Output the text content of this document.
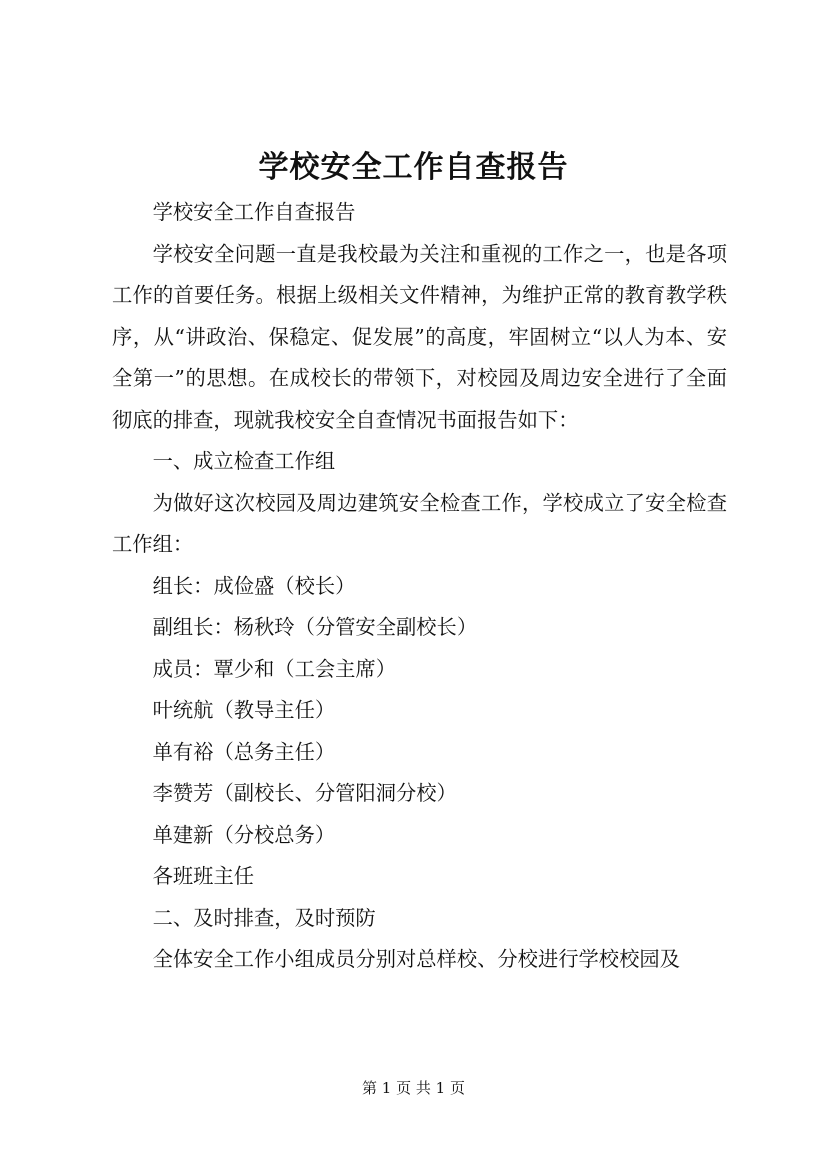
学校安全工作自查报告

学校安全工作自查报告

学校安全问题一直是我校最为关注和重视的工作之一，也是各项工作的首要任务。根据上级相关文件精神，为维护正常的教育教学秩序，从“讲政治、保稳定、促发展”的高度，牢固树立“以人为本、安全第一”的思想。在成校长的带领下，对校园及周边安全进行了全面彻底的排查，现就我校安全自查情况书面报告如下：

一、成立检查工作组

为做好这次校园及周边建筑安全检查工作，学校成立了安全检查工作组：

组长：成俭盛（校长）

副组长：杨秋玲（分管安全副校长）

成员：覃少和（工会主席）

叶统航（教导主任）

单有裕（总务主任）

李赞芳（副校长、分管阳洞分校）

单建新（分校总务）

各班班主任

二、及时排查，及时预防

全体安全工作小组成员分别对总样校、分校进行学校校园及

第 1 页 共 1 页
